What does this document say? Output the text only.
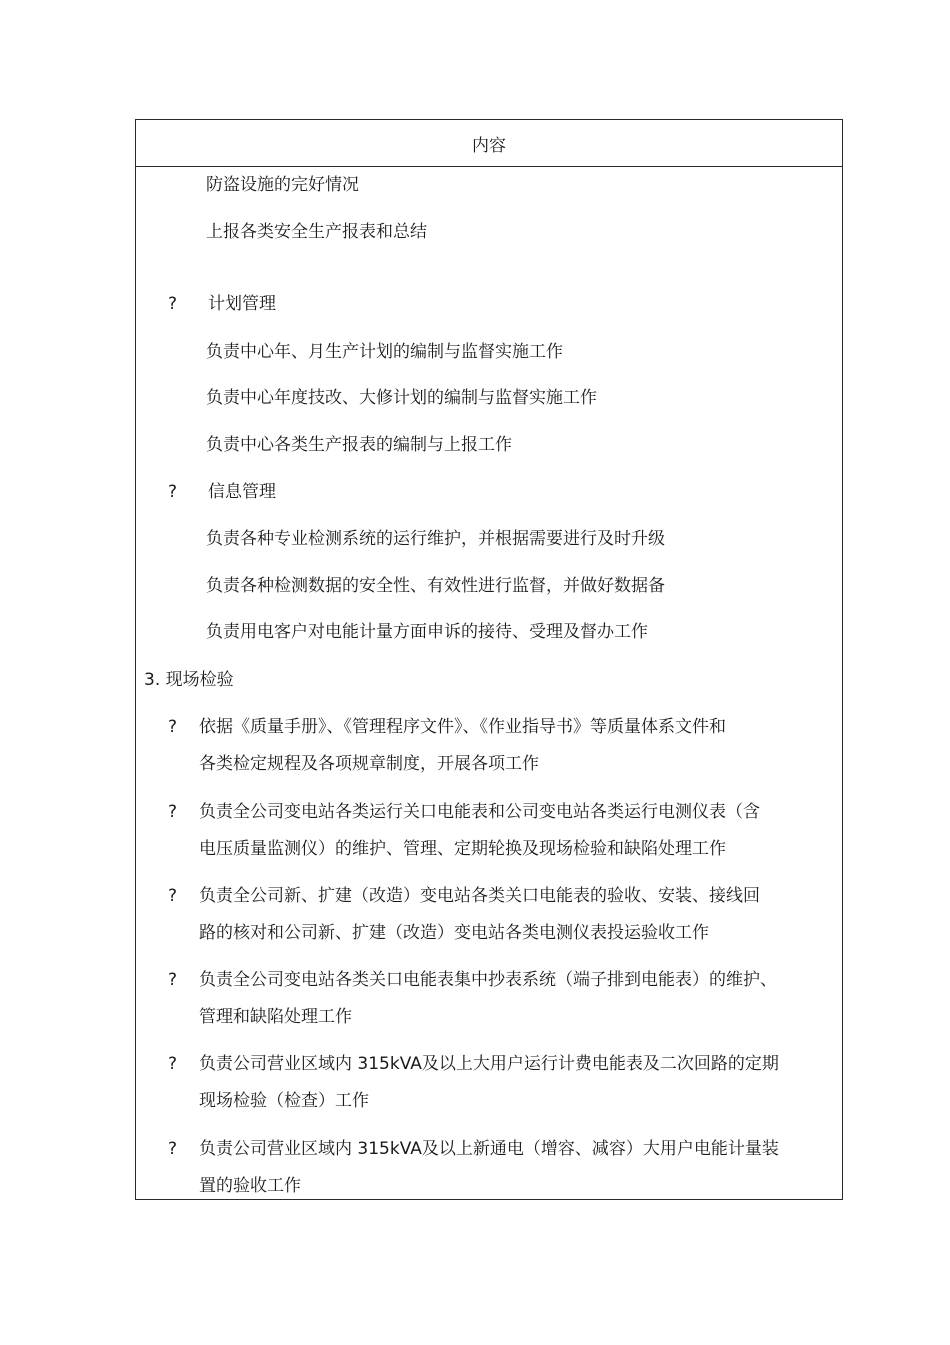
内容
防盗设施的完好情况
上报各类安全生产报表和总结
? 计划管理
负责中心年、月生产计划的编制与监督实施工作
负责中心年度技改、大修计划的编制与监督实施工作
负责中心各类生产报表的编制与上报工作
? 信息管理
负责各种专业检测系统的运行维护，并根据需要进行及时升级
负责各种检测数据的安全性、有效性进行监督，并做好数据备
负责用电客户对电能计量方面申诉的接待、受理及督办工作
3. 现场检验
? 依据《质量手册》、《管理程序文件》、《作业指导书》等质量体系文件和
各类检定规程及各项规章制度，开展各项工作
? 负责全公司变电站各类运行关口电能表和公司变电站各类运行电测仪表（含
电压质量监测仪）的维护、管理、定期轮换及现场检验和缺陷处理工作
? 负责全公司新、扩建（改造）变电站各类关口电能表的验收、安装、接线回
路的核对和公司新、扩建（改造）变电站各类电测仪表投运验收工作
? 负责全公司变电站各类关口电能表集中抄表系统（端子排到电能表）的维护、
管理和缺陷处理工作
? 负责公司营业区域内 315kVA及以上大用户运行计费电能表及二次回路的定期
现场检验（检查）工作
? 负责公司营业区域内 315kVA及以上新通电（增容、减容）大用户电能计量装
置的验收工作
